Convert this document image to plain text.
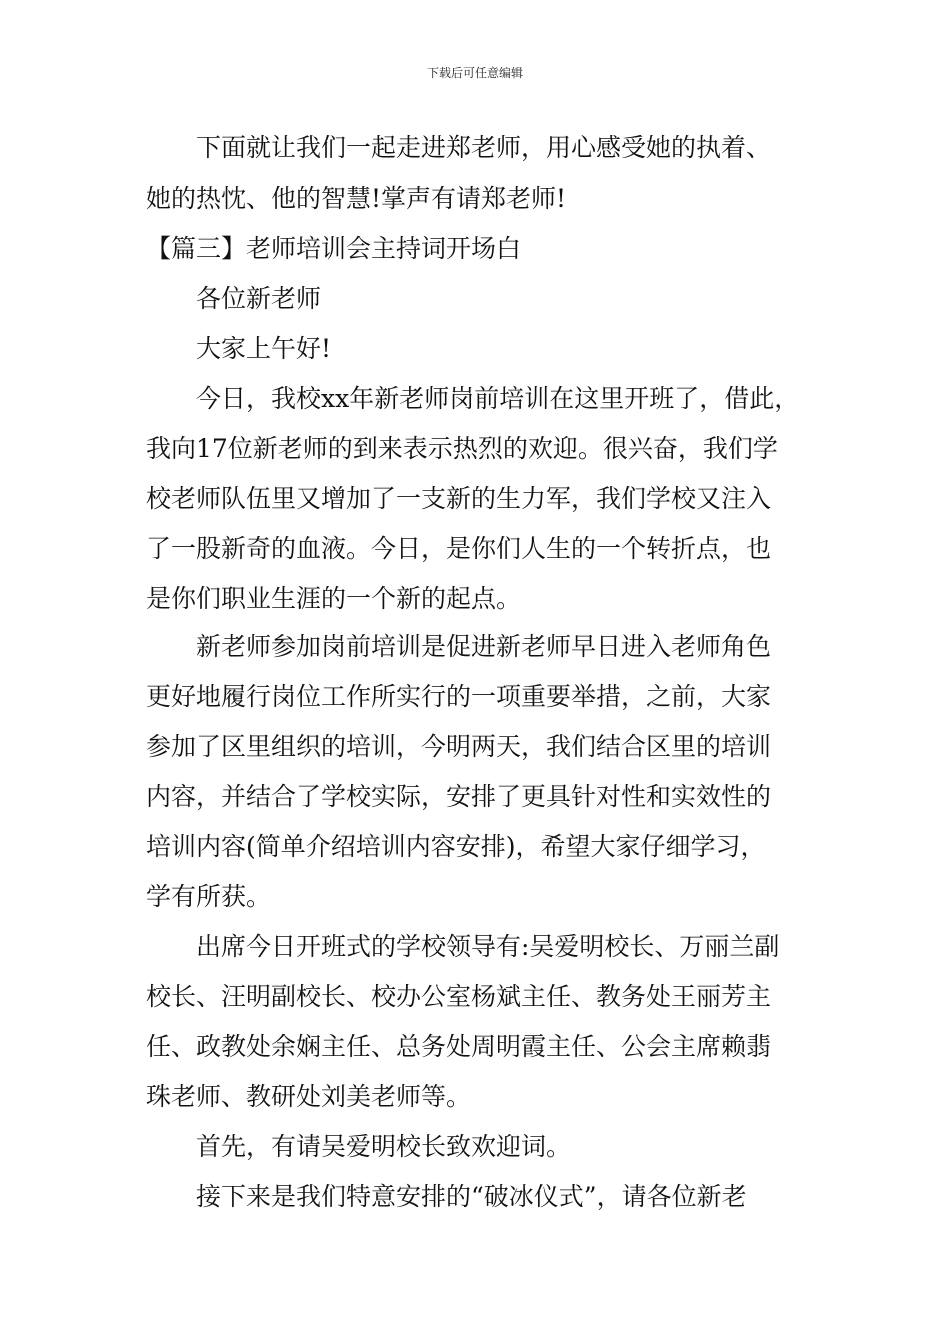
下载后可任意编辑
下面就让我们一起走进郑老师，用心感受她的执着、
她的热忱、他的智慧!掌声有请郑老师!
【篇三】老师培训会主持词开场白
各位新老师
大家上午好!
今日，我校xx年新老师岗前培训在这里开班了，借此，
我向17位新老师的到来表示热烈的欢迎。很兴奋，我们学
校老师队伍里又增加了一支新的生力军，我们学校又注入
了一股新奇的血液。今日，是你们人生的一个转折点，也
是你们职业生涯的一个新的起点。
新老师参加岗前培训是促进新老师早日进入老师角色
更好地履行岗位工作所实行的一项重要举措，之前，大家
参加了区里组织的培训，今明两天，我们结合区里的培训
内容，并结合了学校实际，安排了更具针对性和实效性的
培训内容(简单介绍培训内容安排)，希望大家仔细学习，
学有所获。
出席今日开班式的学校领导有:吴爱明校长、万丽兰副
校长、汪明副校长、校办公室杨斌主任、教务处王丽芳主
任、政教处余娴主任、总务处周明霞主任、公会主席赖翡
珠老师、教研处刘美老师等。
首先，有请吴爱明校长致欢迎词。
接下来是我们特意安排的“破冰仪式”，请各位新老
